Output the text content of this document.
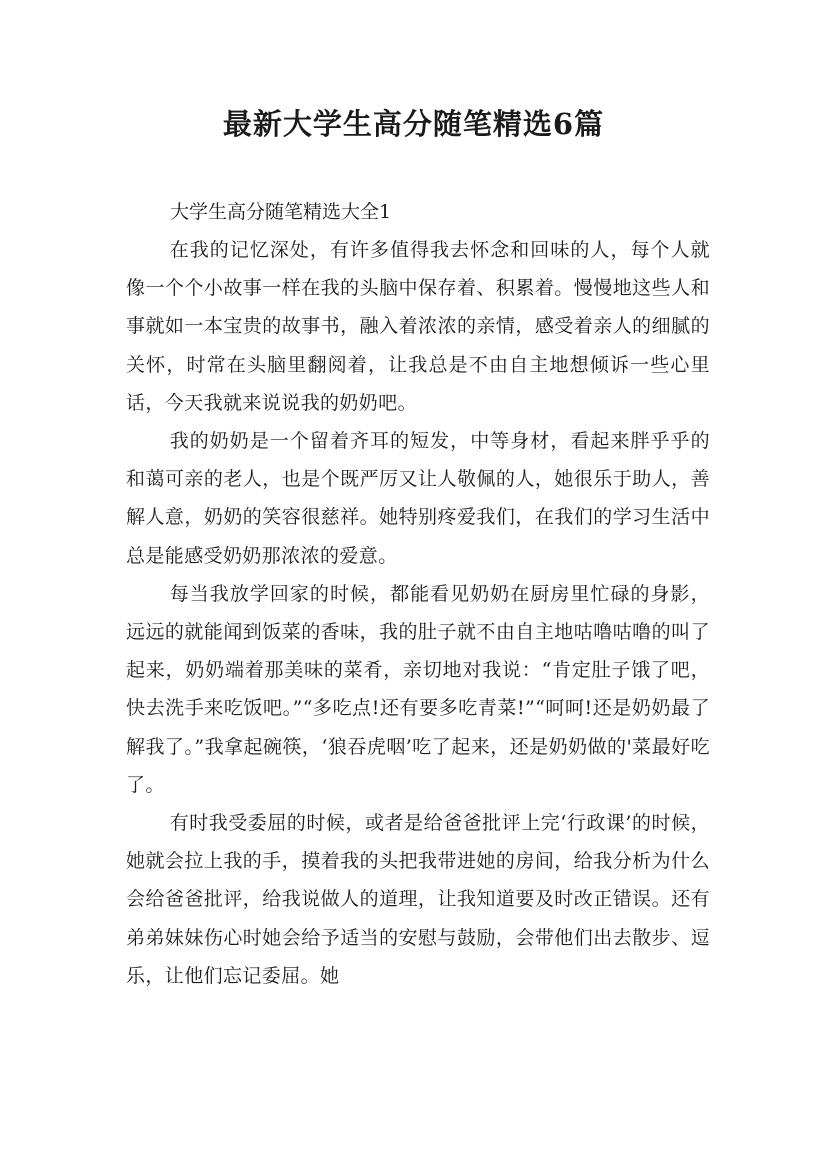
最新大学生高分随笔精选6篇

大学生高分随笔精选大全1

在我的记忆深处，有许多值得我去怀念和回味的人，每个人就像一个个小故事一样在我的头脑中保存着、积累着。慢慢地这些人和事就如一本宝贵的故事书，融入着浓浓的亲情，感受着亲人的细腻的关怀，时常在头脑里翻阅着，让我总是不由自主地想倾诉一些心里话，今天我就来说说我的奶奶吧。

我的奶奶是一个留着齐耳的短发，中等身材，看起来胖乎乎的和蔼可亲的老人，也是个既严厉又让人敬佩的人，她很乐于助人，善解人意，奶奶的笑容很慈祥。她特别疼爱我们，在我们的学习生活中总是能感受奶奶那浓浓的爱意。

每当我放学回家的时候，都能看见奶奶在厨房里忙碌的身影，远远的就能闻到饭菜的香味，我的肚子就不由自主地咕噜咕噜的叫了起来，奶奶端着那美味的菜肴，亲切地对我说：“肯定肚子饿了吧，快去洗手来吃饭吧。”“多吃点!还有要多吃青菜!”“呵呵!还是奶奶最了解我了。”我拿起碗筷，‘狼吞虎咽’吃了起来，还是奶奶做的'菜最好吃了。

有时我受委屈的时候，或者是给爸爸批评上完‘行政课’的时候，她就会拉上我的手，摸着我的头把我带进她的房间，给我分析为什么会给爸爸批评，给我说做人的道理，让我知道要及时改正错误。还有弟弟妹妹伤心时她会给予适当的安慰与鼓励，会带他们出去散步、逗乐，让他们忘记委屈。她
